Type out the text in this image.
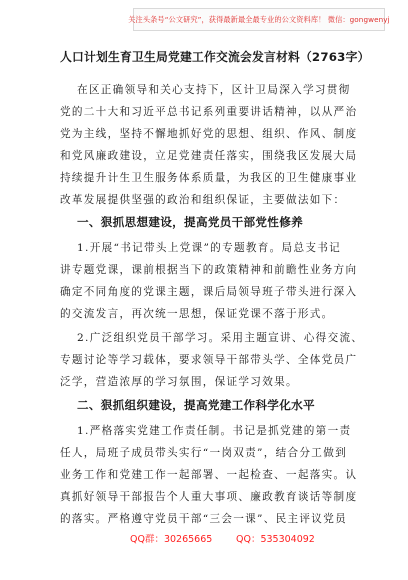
关注头条号“公文研究”，获得最新最全最专业的公文资料库！ 微信：gongwenyj
人口计划生育卫生局党建工作交流会发言材料（2763字）
在区正确领导和关心支持下，区计卫局深入学习贯彻
党的二十大和习近平总书记系列重要讲话精神，以从严治
党为主线，坚持不懈地抓好党的思想、组织、作风、制度
和党风廉政建设，立足党建责任落实，围绕我区发展大局
持续提升计生卫生服务体系质量，为我区的卫生健康事业
改革发展提供坚强的政治和组织保证，主要做法如下：
一、狠抓思想建设，提高党员干部党性修养
1.开展“书记带头上党课”的专题教育。局总支书记
讲专题党课，课前根据当下的政策精神和前瞻性业务方向
确定不同角度的党课主题，课后局领导班子带头进行深入
的交流发言，再次统一思想，保证党课不落于形式。
2.广泛组织党员干部学习。采用主题宣讲、心得交流、
专题讨论等学习载体，要求领导干部带头学、全体党员广
泛学，营造浓厚的学习氛围，保证学习效果。
二、狠抓组织建设，提高党建工作科学化水平
1.严格落实党建工作责任制。书记是抓党建的第一责
任人，局班子成员带头实行“一岗双责”，结合分工做到
业务工作和党建工作一起部署、一起检查、一起落实。认
真抓好领导干部报告个人重大事项、廉政教育谈话等制度
的落实。严格遵守党员干部“三会一课”、民主评议党员
QQ群：30265665 QQ：535304092
